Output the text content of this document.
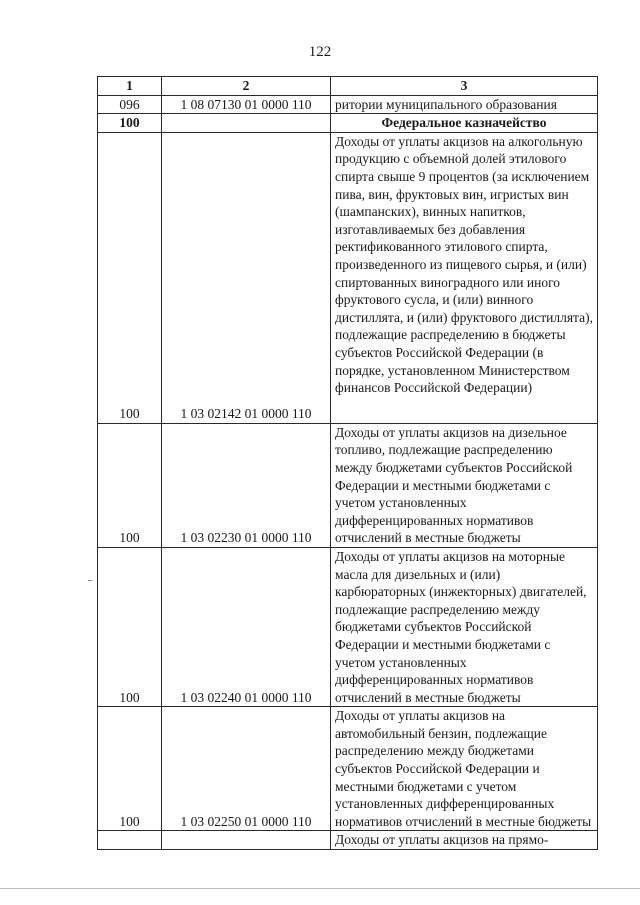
122
1	2	3
096	1 08 07130 01 0000 110	ритории муниципального образования
100		Федеральное казначейство
100	1 03 02142 01 0000 110	Доходы от уплаты акцизов на алкогольную продукцию с объемной долей этилового спирта свыше 9 процентов (за исключением пива, вин, фруктовых вин, игристых вин (шампанских), винных напитков, изготавливаемых без добавления ректификованного этилового спирта, произведенного из пищевого сырья, и (или) спиртованных виноградного или иного фруктового сусла, и (или) винного дистиллята, и (или) фруктового дистиллята), подлежащие распределению в бюджеты субъектов Российской Федерации (в порядке, установленном Министерством финансов Российской Федерации)
100	1 03 02230 01 0000 110	Доходы от уплаты акцизов на дизельное топливо, подлежащие распределению между бюджетами субъектов Российской Федерации и местными бюджетами с учетом установленных дифференцированных нормативов отчислений в местные бюджеты
100	1 03 02240 01 0000 110	Доходы от уплаты акцизов на моторные масла для дизельных и (или) карбюраторных (инжекторных) двигателей, подлежащие распределению между бюджетами субъектов Российской Федерации и местными бюджетами с учетом установленных дифференцированных нормативов отчислений в местные бюджеты
100	1 03 02250 01 0000 110	Доходы от уплаты акцизов на автомобильный бензин, подлежащие распределению между бюджетами субъектов Российской Федерации и местными бюджетами с учетом установленных дифференцированных нормативов отчислений в местные бюджеты
		Доходы от уплаты акцизов на прямо-
